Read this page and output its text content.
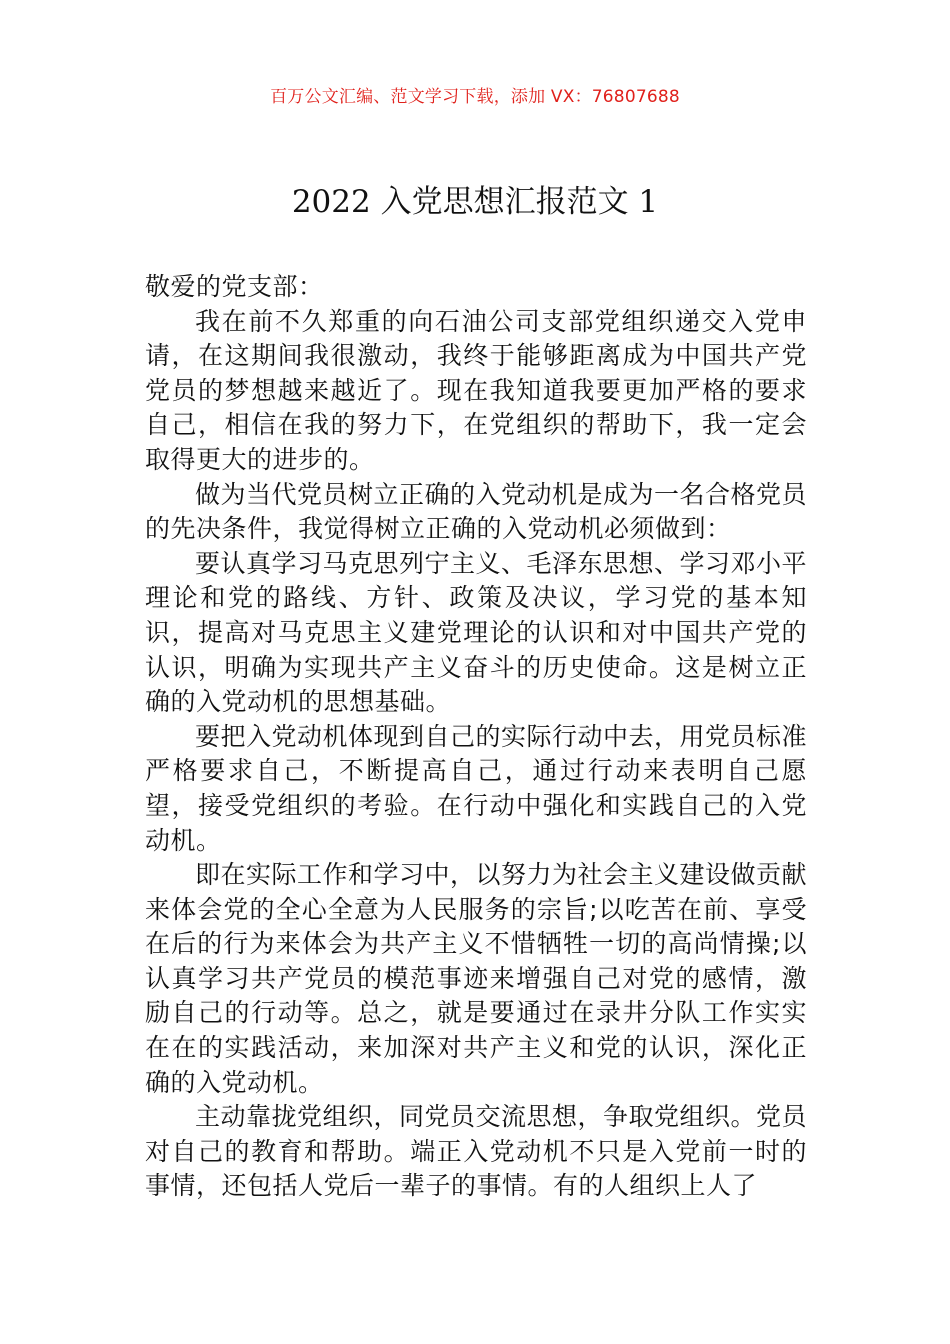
百万公文汇编、范文学习下载，添加 VX：76807688
2022 入党思想汇报范文 1

敬爱的党支部：

我在前不久郑重的向石油公司支部党组织递交入党申请，在这期间我很激动，我终于能够距离成为中国共产党党员的梦想越来越近了。现在我知道我要更加严格的要求自己，相信在我的努力下，在党组织的帮助下，我一定会取得更大的进步的。

做为当代党员树立正确的入党动机是成为一名合格党员的先决条件，我觉得树立正确的入党动机必须做到：

要认真学习马克思列宁主义、毛泽东思想、学习邓小平理论和党的路线、方针、政策及决议，学习党的基本知识，提高对马克思主义建党理论的认识和对中国共产党的认识，明确为实现共产主义奋斗的历史使命。这是树立正确的入党动机的思想基础。

要把入党动机体现到自己的实际行动中去，用党员标准严格要求自己，不断提高自己，通过行动来表明自己愿望，接受党组织的考验。在行动中强化和实践自己的入党动机。

即在实际工作和学习中，以努力为社会主义建设做贡献来体会党的全心全意为人民服务的宗旨;以吃苦在前、享受在后的行为来体会为共产主义不惜牺牲一切的高尚情操;以认真学习共产党员的模范事迹来增强自己对党的感情，激励自己的行动等。总之，就是要通过在录井分队工作实实在在的实践活动，来加深对共产主义和党的认识，深化正确的入党动机。

主动靠拢党组织，同党员交流思想，争取党组织。党员对自己的教育和帮助。端正入党动机不只是入党前一时的事情，还包括人党后一辈子的事情。有的人组织上人了
